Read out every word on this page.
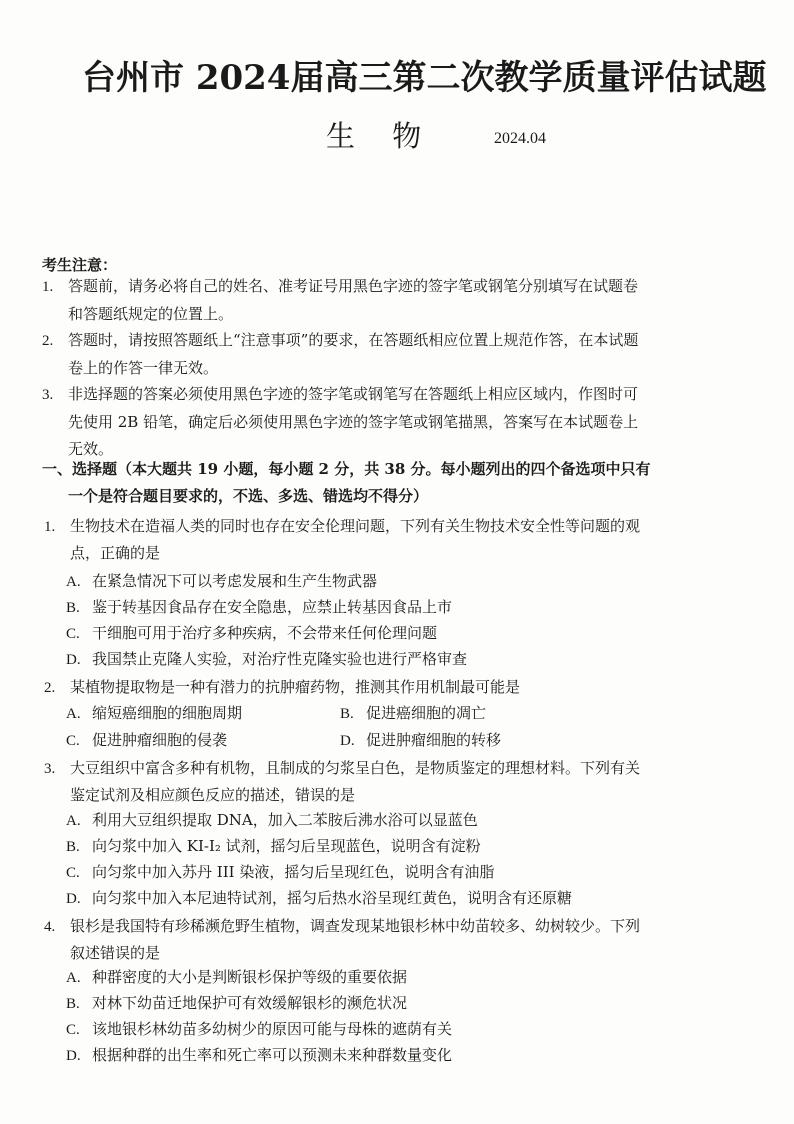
台州市 2024届高三第二次教学质量评估试题
生 物	2024.04
考生注意：
1. 答题前，请务必将自己的姓名、准考证号用黑色字迹的签字笔或钢笔分别填写在试题卷
和答题纸规定的位置上。
2. 答题时，请按照答题纸上“注意事项”的要求，在答题纸相应位置上规范作答，在本试题
卷上的作答一律无效。
3. 非选择题的答案必须使用黑色字迹的签字笔或钢笔写在答题纸上相应区域内，作图时可
先使用 2B 铅笔，确定后必须使用黑色字迹的签字笔或钢笔描黑，答案写在本试题卷上
无效。
一、选择题（本大题共 19 小题，每小题 2 分，共 38 分。每小题列出的四个备选项中只有
一个是符合题目要求的，不选、多选、错选均不得分）
1. 生物技术在造福人类的同时也存在安全伦理问题，下列有关生物技术安全性等问题的观
点，正确的是
A. 在紧急情况下可以考虑发展和生产生物武器
B. 鉴于转基因食品存在安全隐患，应禁止转基因食品上市
C. 干细胞可用于治疗多种疾病，不会带来任何伦理问题
D. 我国禁止克隆人实验，对治疗性克隆实验也进行严格审查
2. 某植物提取物是一种有潜力的抗肿瘤药物，推测其作用机制最可能是
A. 缩短癌细胞的细胞周期	B. 促进癌细胞的凋亡
C. 促进肿瘤细胞的侵袭	D. 促进肿瘤细胞的转移
3. 大豆组织中富含多种有机物，且制成的匀浆呈白色，是物质鉴定的理想材料。下列有关
鉴定试剂及相应颜色反应的描述，错误的是
A. 利用大豆组织提取 DNA，加入二苯胺后沸水浴可以显蓝色
B. 向匀浆中加入 KI-I₂ 试剂，摇匀后呈现蓝色，说明含有淀粉
C. 向匀浆中加入苏丹 III 染液，摇匀后呈现红色，说明含有油脂
D. 向匀浆中加入本尼迪特试剂，摇匀后热水浴呈现红黄色，说明含有还原糖
4. 银杉是我国特有珍稀濒危野生植物，调查发现某地银杉林中幼苗较多、幼树较少。下列
叙述错误的是
A. 种群密度的大小是判断银杉保护等级的重要依据
B. 对林下幼苗迁地保护可有效缓解银杉的濒危状况
C. 该地银杉林幼苗多幼树少的原因可能与母株的遮荫有关
D. 根据种群的出生率和死亡率可以预测未来种群数量变化
